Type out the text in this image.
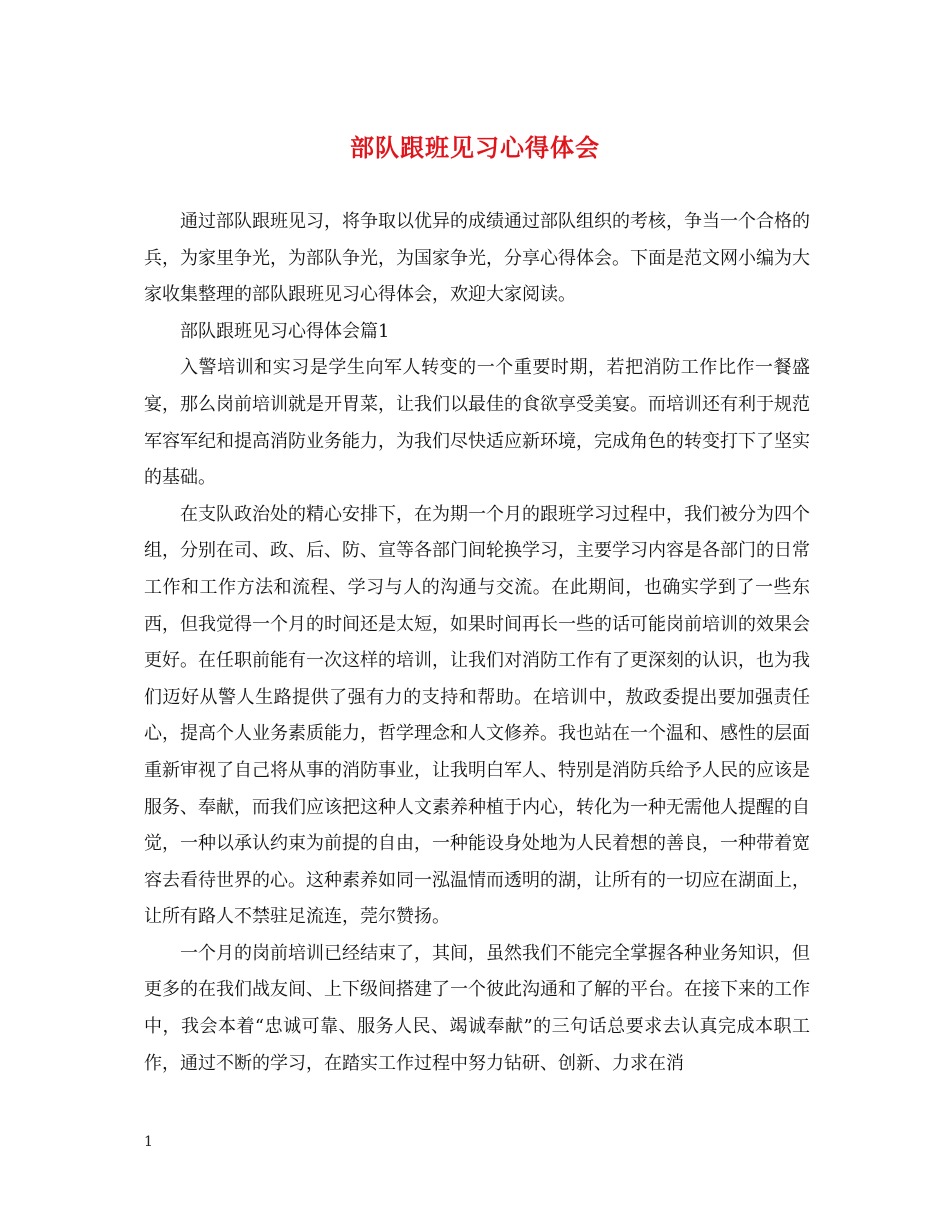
部队跟班见习心得体会

通过部队跟班见习，将争取以优异的成绩通过部队组织的考核，争当一个合格的兵，为家里争光，为部队争光，为国家争光，分享心得体会。下面是范文网小编为大家收集整理的部队跟班见习心得体会，欢迎大家阅读。

部队跟班见习心得体会篇1

入警培训和实习是学生向军人转变的一个重要时期，若把消防工作比作一餐盛宴，那么岗前培训就是开胃菜，让我们以最佳的食欲享受美宴。而培训还有利于规范军容军纪和提高消防业务能力，为我们尽快适应新环境，完成角色的转变打下了坚实的基础。

在支队政治处的精心安排下，在为期一个月的跟班学习过程中，我们被分为四个组，分别在司、政、后、防、宣等各部门间轮换学习，主要学习内容是各部门的日常工作和工作方法和流程、学习与人的沟通与交流。在此期间，也确实学到了一些东西，但我觉得一个月的时间还是太短，如果时间再长一些的话可能岗前培训的效果会更好。在任职前能有一次这样的培训，让我们对消防工作有了更深刻的认识，也为我们迈好从警人生路提供了强有力的支持和帮助。在培训中，敖政委提出要加强责任心，提高个人业务素质能力，哲学理念和人文修养。我也站在一个温和、感性的层面重新审视了自己将从事的消防事业，让我明白军人、特别是消防兵给予人民的应该是服务、奉献，而我们应该把这种人文素养种植于内心，转化为一种无需他人提醒的自觉，一种以承认约束为前提的自由，一种能设身处地为人民着想的善良，一种带着宽容去看待世界的心。这种素养如同一泓温情而透明的湖，让所有的一切应在湖面上，让所有路人不禁驻足流连，莞尔赞扬。

一个月的岗前培训已经结束了，其间，虽然我们不能完全掌握各种业务知识，但更多的在我们战友间、上下级间搭建了一个彼此沟通和了解的平台。在接下来的工作中，我会本着“忠诚可靠、服务人民、竭诚奉献”的三句话总要求去认真完成本职工作，通过不断的学习，在踏实工作过程中努力钻研、创新、力求在消

1
